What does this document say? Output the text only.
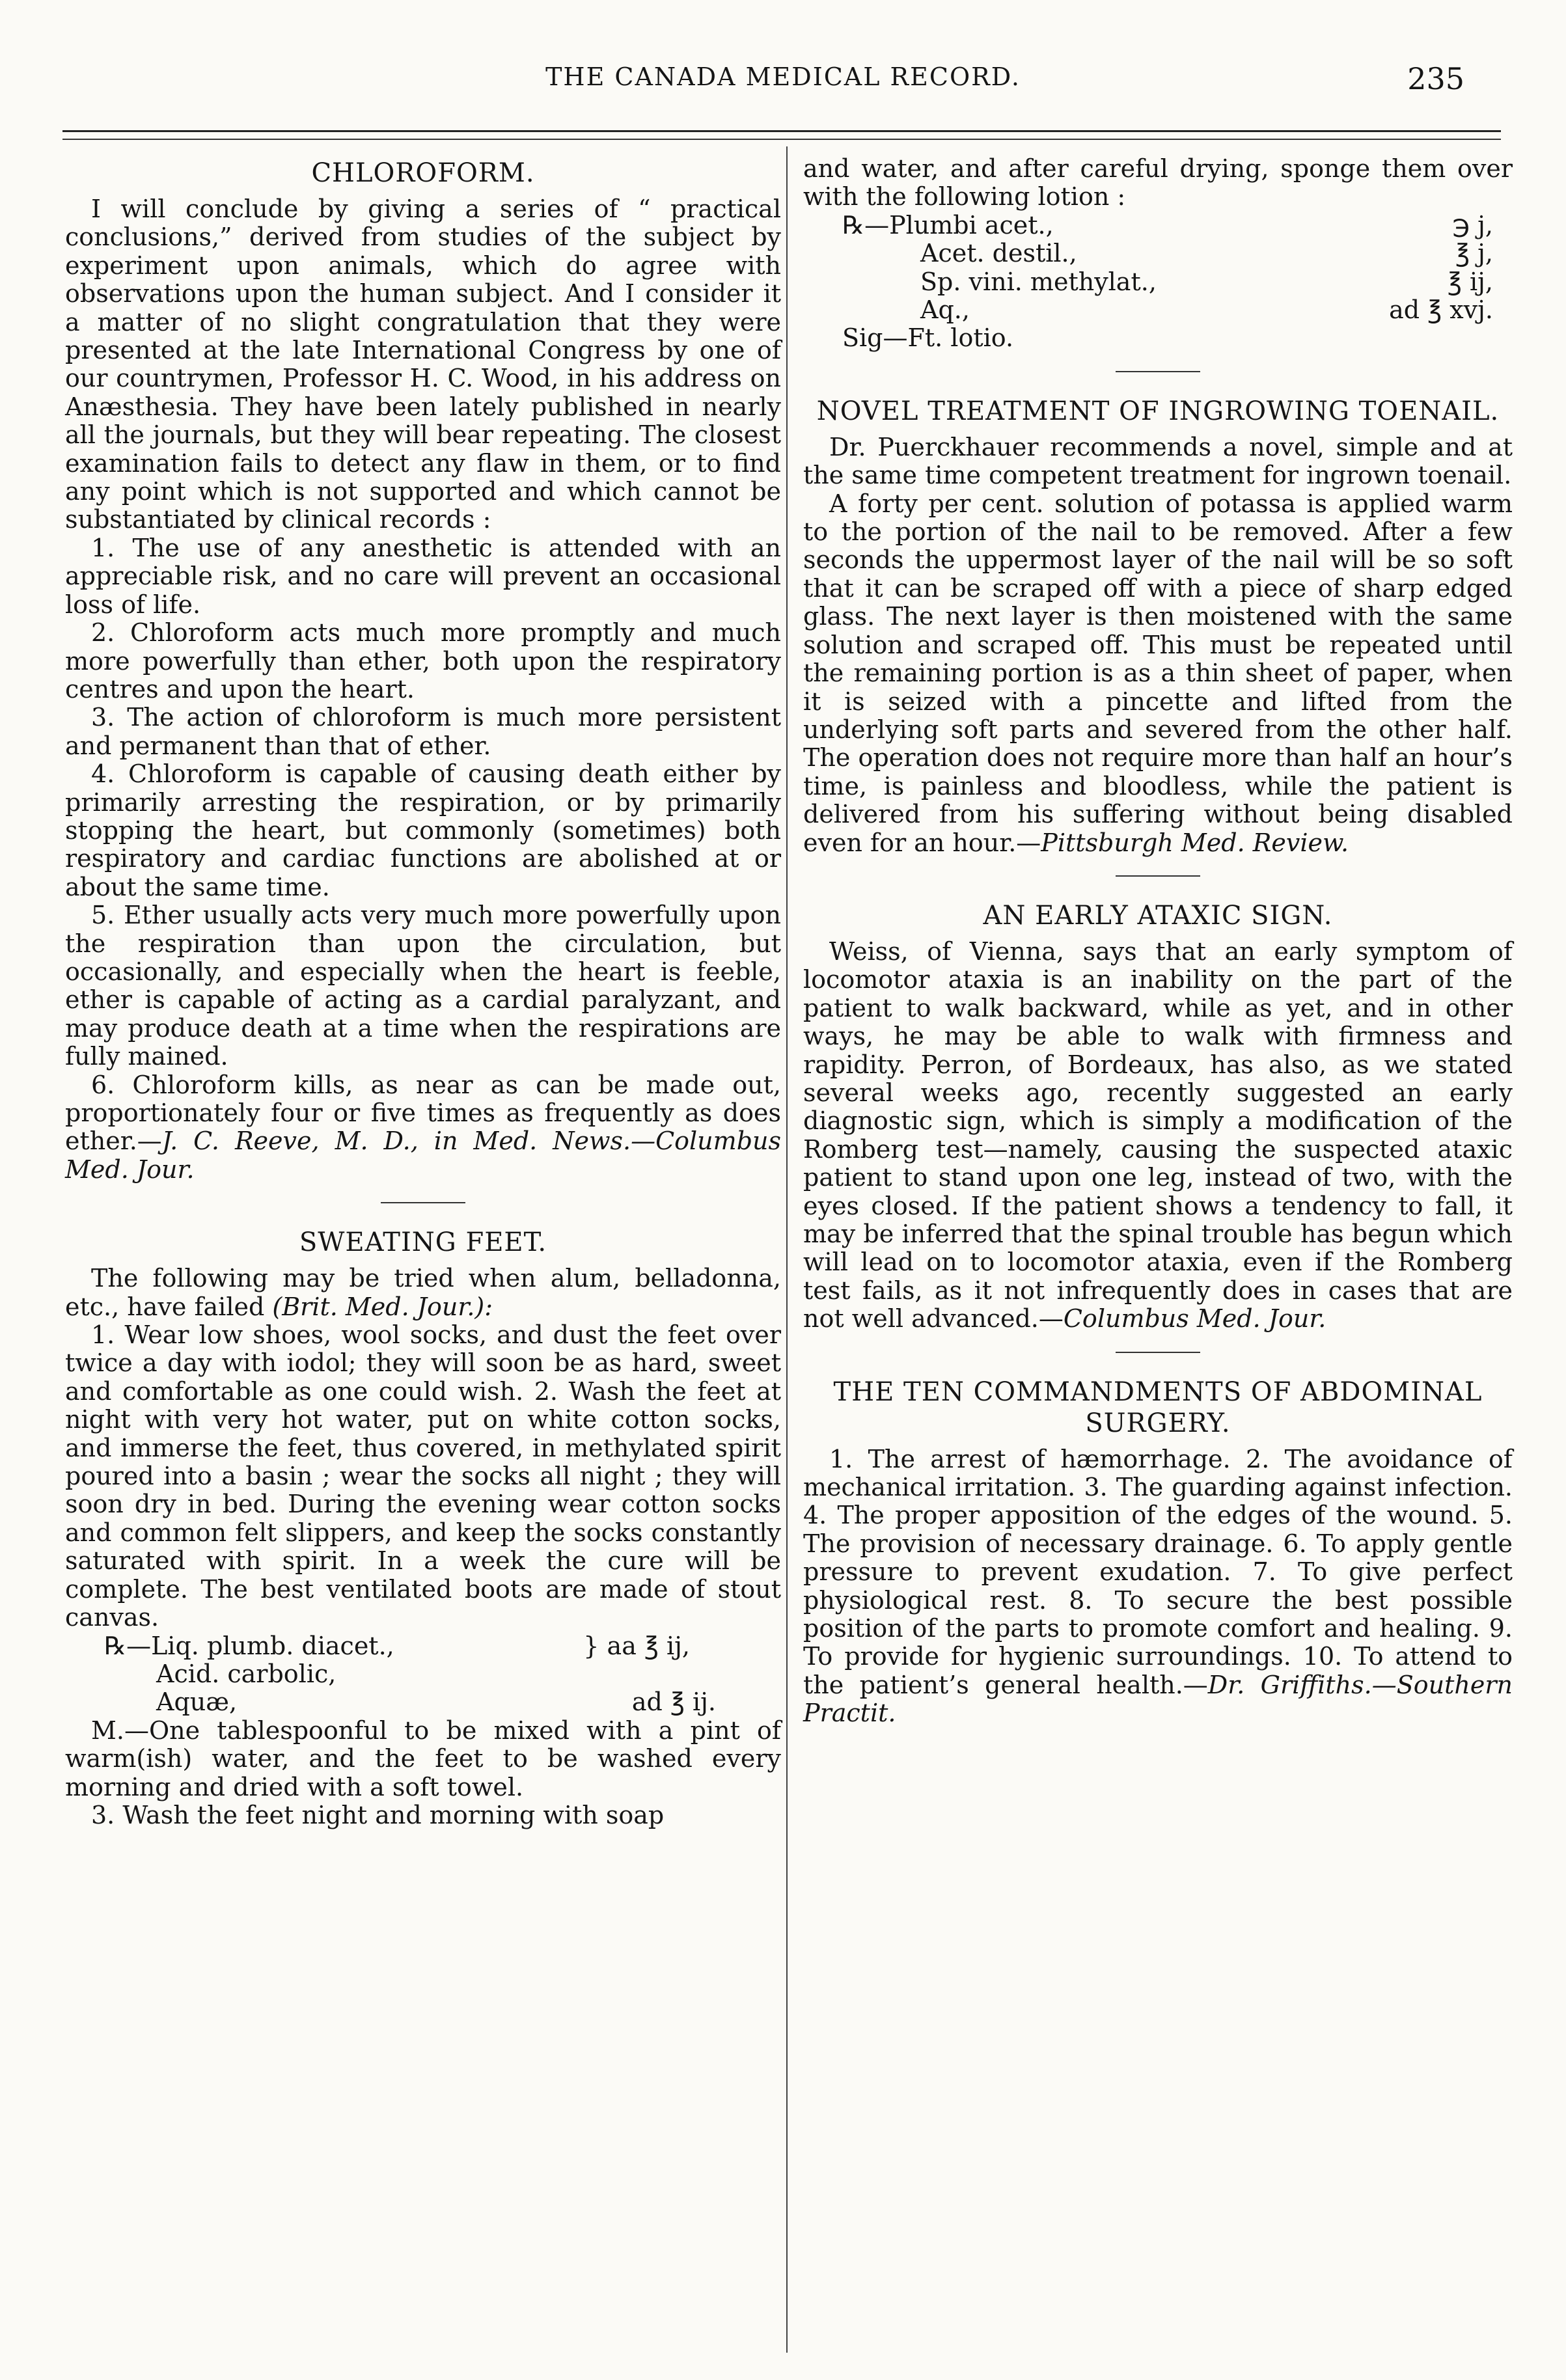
THE CANADA MEDICAL RECORD.	235
CHLOROFORM.

I will conclude by giving a series of “ practical conclusions,” derived from studies of the subject by experiment upon animals, which do agree with observations upon the human subject. And I consider it a matter of no slight congratulation that they were presented at the late International Congress by one of our countrymen, Professor H. C. Wood, in his address on Anæsthesia. They have been lately published in nearly all the journals, but they will bear repeating. The closest examination fails to detect any flaw in them, or to find any point which is not supported and which cannot be substantiated by clinical records :

1. The use of any anesthetic is attended with an appreciable risk, and no care will prevent an occasional loss of life.

2. Chloroform acts much more promptly and much more powerfully than ether, both upon the respiratory centres and upon the heart.

3. The action of chloroform is much more persistent and permanent than that of ether.

4. Chloroform is capable of causing death either by primarily arresting the respiration, or by primarily stopping the heart, but commonly (sometimes) both respiratory and cardiac functions are abolished at or about the same time.

5. Ether usually acts very much more powerfully upon the respiration than upon the circulation, but occasionally, and especially when the heart is feeble, ether is capable of acting as a cardial paralyzant, and may produce death at a time when the respirations are fully mained.

6. Chloroform kills, as near as can be made out, proportionately four or five times as frequently as does ether.—J. C. Reeve, M. D., in Med. News.—Columbus Med. Jour.

SWEATING FEET.

The following may be tried when alum, belladonna, etc., have failed (Brit. Med. Jour.):

1. Wear low shoes, wool socks, and dust the feet over twice a day with iodol; they will soon be as hard, sweet and comfortable as one could wish. 2. Wash the feet at night with very hot water, put on white cotton socks, and immerse the feet, thus covered, in methylated spirit poured into a basin ; wear the socks all night ; they will soon dry in bed. During the evening wear cotton socks and common felt slippers, and keep the socks constantly saturated with spirit. In a week the cure will be complete. The best ventilated boots are made of stout canvas.

℞—Liq. plumb. diacet.,	} aa ℥ ij,
Acid. carbolic,
Aquæ,	ad ℥ ij.

M.—One tablespoonful to be mixed with a pint of warm(ish) water, and the feet to be washed every morning and dried with a soft towel.

3. Wash the feet night and morning with soap

and water, and after careful drying, sponge them over with the following lotion :

℞—Plumbi acet.,	℈ j,
Acet. destil.,	℥ j,
Sp. vini. methylat.,	℥ ij,
Aq.,	ad ℥ xvj.
Sig—Ft. lotio.
NOVEL TREATMENT OF INGROWING TOENAIL.

Dr. Puerckhauer recommends a novel, simple and at the same time competent treatment for ingrown toenail.

A forty per cent. solution of potassa is applied warm to the portion of the nail to be removed. After a few seconds the uppermost layer of the nail will be so soft that it can be scraped off with a piece of sharp edged glass. The next layer is then moistened with the same solution and scraped off. This must be repeated until the remaining portion is as a thin sheet of paper, when it is seized with a pincette and lifted from the underlying soft parts and severed from the other half. The operation does not require more than half an hour’s time, is painless and bloodless, while the patient is delivered from his suffering without being disabled even for an hour.—Pittsburgh Med. Review.

AN EARLY ATAXIC SIGN.

Weiss, of Vienna, says that an early symptom of locomotor ataxia is an inability on the part of the patient to walk backward, while as yet, and in other ways, he may be able to walk with firmness and rapidity. Perron, of Bordeaux, has also, as we stated several weeks ago, recently suggested an early diagnostic sign, which is simply a modification of the Romberg test—namely, causing the suspected ataxic patient to stand upon one leg, instead of two, with the eyes closed. If the patient shows a tendency to fall, it may be inferred that the spinal trouble has begun which will lead on to locomotor ataxia, even if the Romberg test fails, as it not infrequently does in cases that are not well advanced.—Columbus Med. Jour.

THE TEN COMMANDMENTS OF ABDOMINAL SURGERY.

1. The arrest of hæmorrhage. 2. The avoidance of mechanical irritation. 3. The guarding against infection. 4. The proper apposition of the edges of the wound. 5. The provision of necessary drainage. 6. To apply gentle pressure to prevent exudation. 7. To give perfect physiological rest. 8. To secure the best possible position of the parts to promote comfort and healing. 9. To provide for hygienic surroundings. 10. To attend to the patient’s general health.—Dr. Griffiths.—Southern Practit.
